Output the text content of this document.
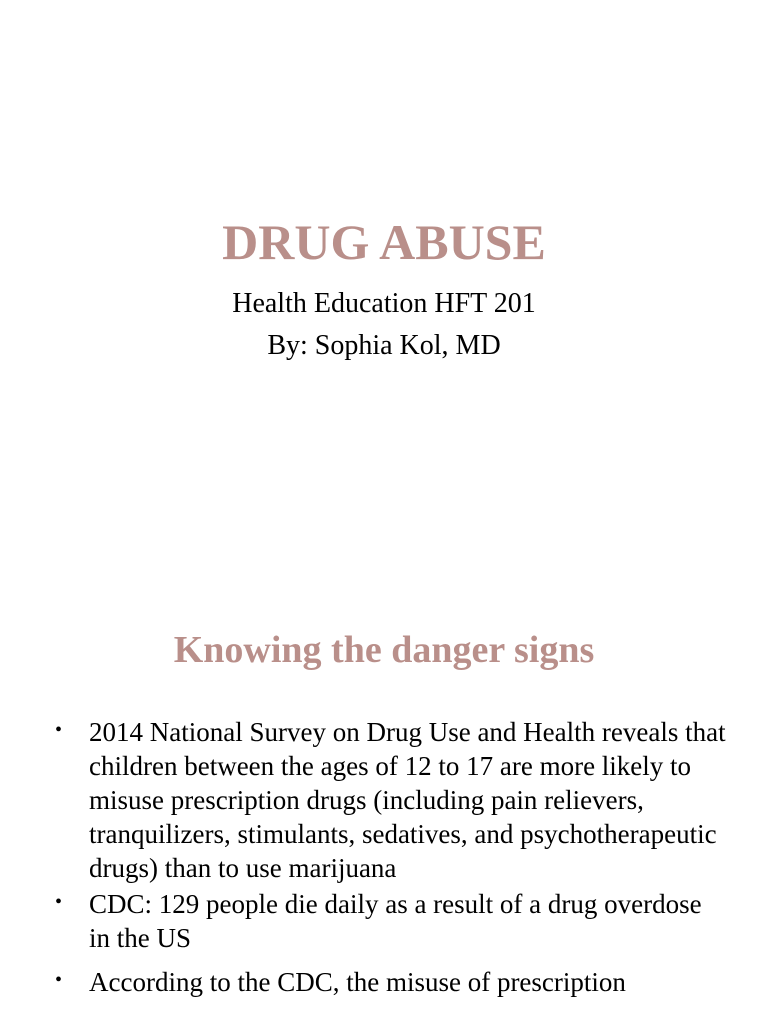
DRUG ABUSE

Health Education HFT 201

By: Sophia Kol, MD

Knowing the danger signs
• 2014 National Survey on Drug Use and Health reveals that children between the ages of 12 to 17 are more likely to misuse prescription drugs (including pain relievers, tranquilizers, stimulants, sedatives, and psychotherapeutic drugs) than to use marijuana
• CDC: 129 people die daily as a result of a drug overdose in the US
• According to the CDC, the misuse of prescription
